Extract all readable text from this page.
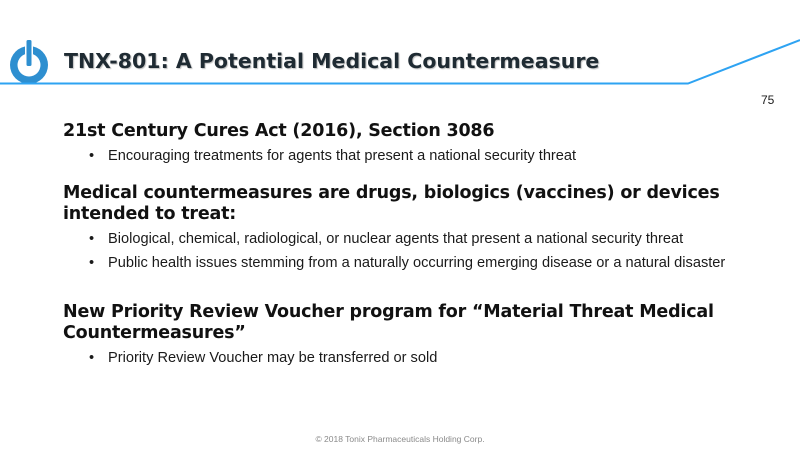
TNX-801: A Potential Medical Countermeasure
75
21st Century Cures Act (2016), Section 3086
• Encouraging treatments for agents that present a national security threat
Medical countermeasures are drugs, biologics (vaccines) or devices intended to treat:
• Biological, chemical, radiological, or nuclear agents that present a national security threat
• Public health issues stemming from a naturally occurring emerging disease or a natural disaster
New Priority Review Voucher program for “Material Threat Medical Countermeasures”
• Priority Review Voucher may be transferred or sold
© 2018 Tonix Pharmaceuticals Holding Corp.
